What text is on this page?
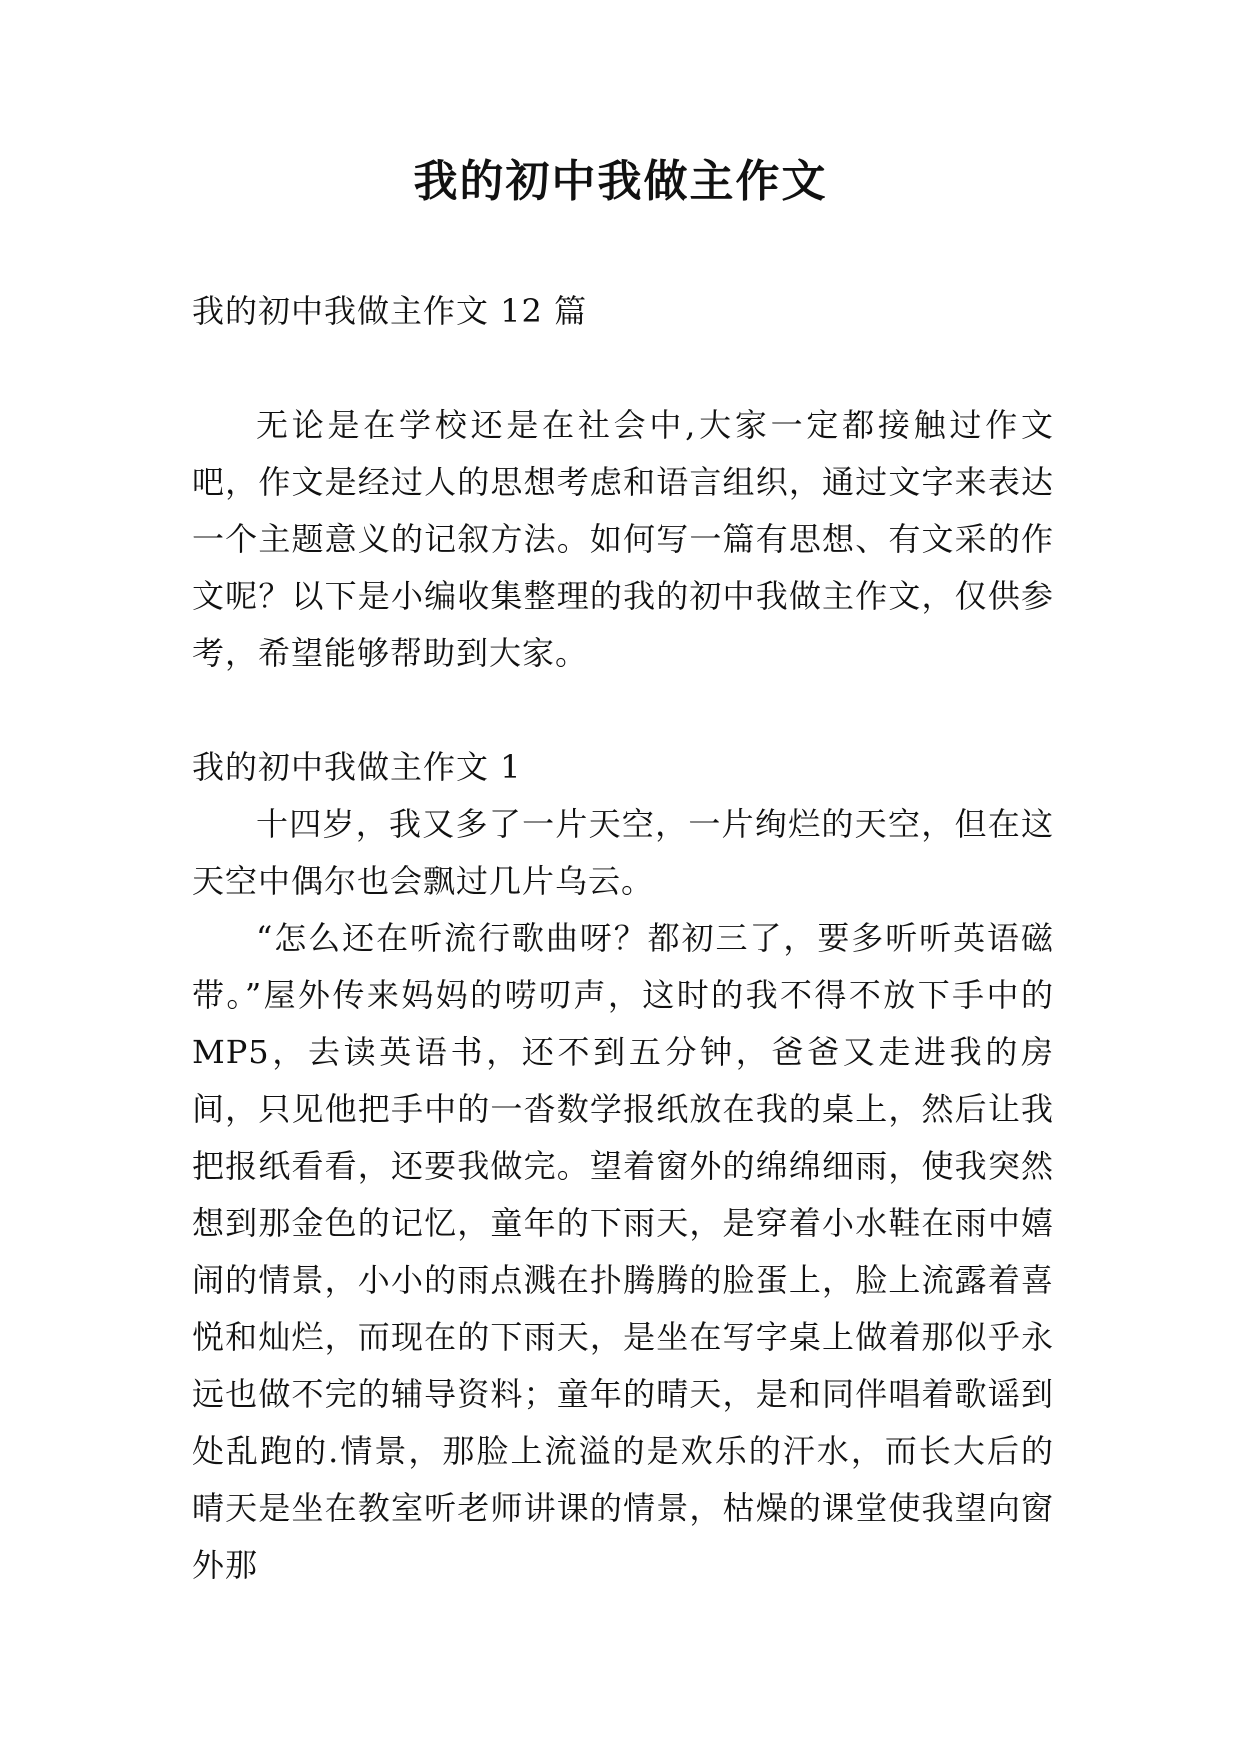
我的初中我做主作文

我的初中我做主作文 12 篇

无论是在学校还是在社会中,大家一定都接触过作文吧，作文是经过人的思想考虑和语言组织，通过文字来表达一个主题意义的记叙方法。如何写一篇有思想、有文采的作文呢？以下是小编收集整理的我的初中我做主作文，仅供参考，希望能够帮助到大家。

我的初中我做主作文 1

十四岁，我又多了一片天空，一片绚烂的天空，但在这天空中偶尔也会飘过几片乌云。

“怎么还在听流行歌曲呀？都初三了，要多听听英语磁带。”屋外传来妈妈的唠叨声，这时的我不得不放下手中的MP5，去读英语书，还不到五分钟，爸爸又走进我的房间，只见他把手中的一沓数学报纸放在我的桌上，然后让我把报纸看看，还要我做完。望着窗外的绵绵细雨，使我突然想到那金色的记忆，童年的下雨天，是穿着小水鞋在雨中嬉闹的情景，小小的雨点溅在扑腾腾的脸蛋上，脸上流露着喜悦和灿烂，而现在的下雨天，是坐在写字桌上做着那似乎永远也做不完的辅导资料；童年的晴天，是和同伴唱着歌谣到处乱跑的.情景，那脸上流溢的是欢乐的汗水，而长大后的晴天是坐在教室听老师讲课的情景，枯燥的课堂使我望向窗外那
